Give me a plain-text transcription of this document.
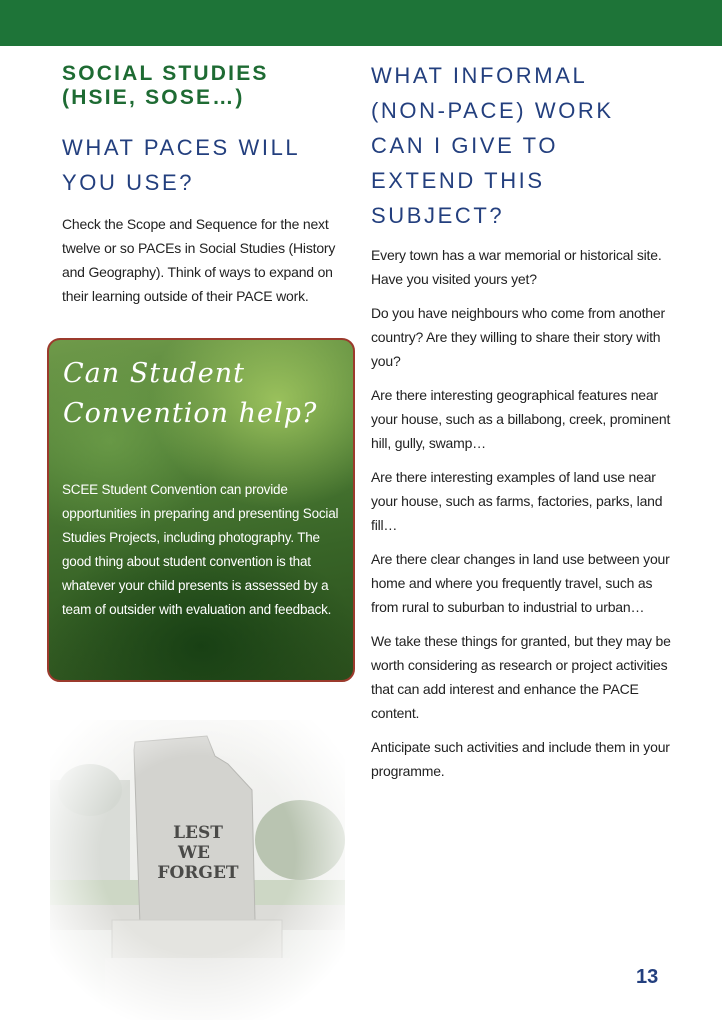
SOCIAL STUDIES (HSIE, SOSE…)
WHAT PACES WILL YOU USE?

Check the Scope and Sequence for the next twelve or so PACEs in Social Studies (History and Geography). Think of ways to expand on their learning outside of their PACE work.

Can Student
Convention help?

SCEE Student Convention can provide opportunities in preparing and presenting Social Studies Projects, including photography. The good thing about student convention is that whatever your child presents is assessed by a team of outsider with evaluation and feedback.

WHAT INFORMAL (NON-PACE) WORK CAN I GIVE TO EXTEND THIS SUBJECT?

Every town has a war memorial or historical site. Have you visited yours yet?

Do you have neighbours who come from another country? Are they willing to share their story with you?

Are there interesting geographical features near your house, such as a billabong, creek, prominent hill, gully, swamp…

Are there interesting examples of land use near your house, such as farms, factories, parks, land fill…

Are there clear changes in land use between your home and where you frequently travel, such as from rural to suburban to industrial to urban…

We take these things for granted, but they may be worth considering as research or project activities that can add interest and enhance the PACE content.

Anticipate such activities and include them in your programme.

13
